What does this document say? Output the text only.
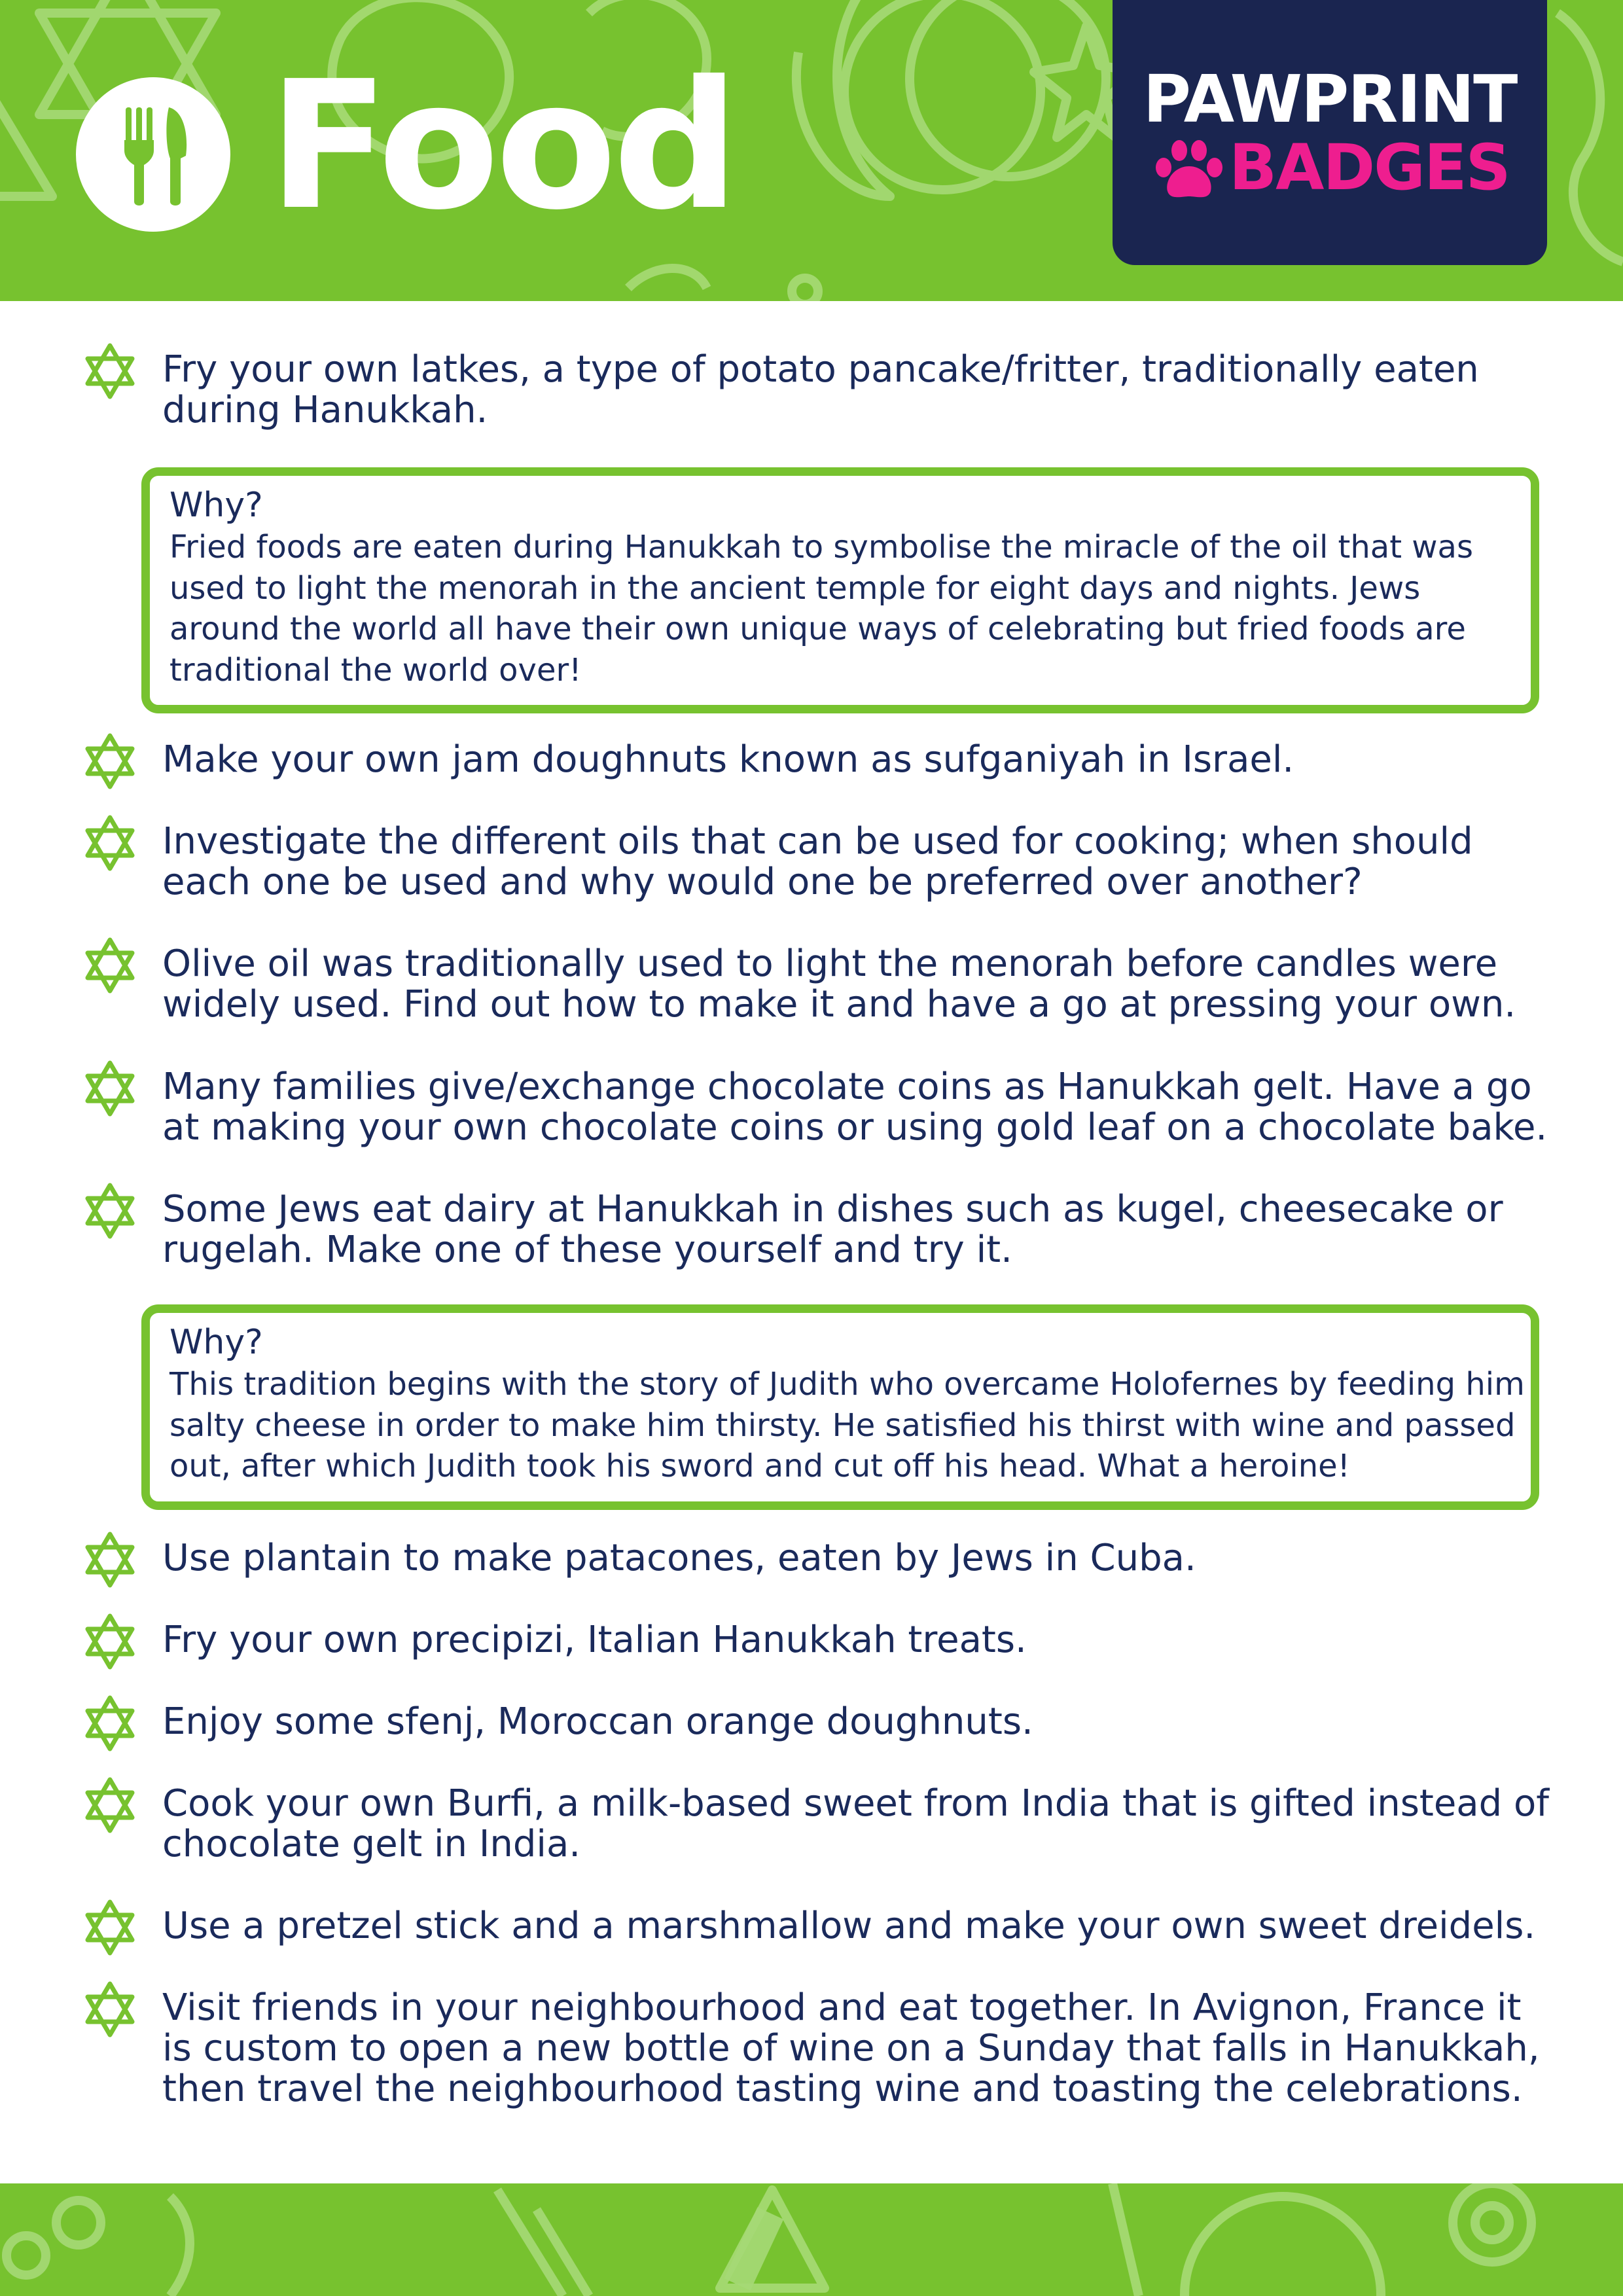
Food	PAWPRINT
BADGES
Fry your own latkes, a type of potato pancake/fritter, traditionally eaten during Hanukkah.
Why?
Fried foods are eaten during Hanukkah to symbolise the miracle of the oil that was used to light the menorah in the ancient temple for eight days and nights. Jews around the world all have their own unique ways of celebrating but fried foods are traditional the world over!
Make your own jam doughnuts known as sufganiyah in Israel.
Investigate the different oils that can be used for cooking; when should each one be used and why would one be preferred over another?
Olive oil was traditionally used to light the menorah before candles were widely used. Find out how to make it and have a go at pressing your own.
Many families give/exchange chocolate coins as Hanukkah gelt. Have a go at making your own chocolate coins or using gold leaf on a chocolate bake.
Some Jews eat dairy at Hanukkah in dishes such as kugel, cheesecake or rugelah. Make one of these yourself and try it.
Why?
This tradition begins with the story of Judith who overcame Holofernes by feeding him salty cheese in order to make him thirsty. He satisfied his thirst with wine and passed out, after which Judith took his sword and cut off his head. What a heroine!
Use plantain to make patacones, eaten by Jews in Cuba.
Fry your own precipizi, Italian Hanukkah treats.
Enjoy some sfenj, Moroccan orange doughnuts.
Cook your own Burfi, a milk-based sweet from India that is gifted instead of chocolate gelt in India.
Use a pretzel stick and a marshmallow and make your own sweet dreidels.
Visit friends in your neighbourhood and eat together. In Avignon, France it is custom to open a new bottle of wine on a Sunday that falls in Hanukkah, then travel the neighbourhood tasting wine and toasting the celebrations.
